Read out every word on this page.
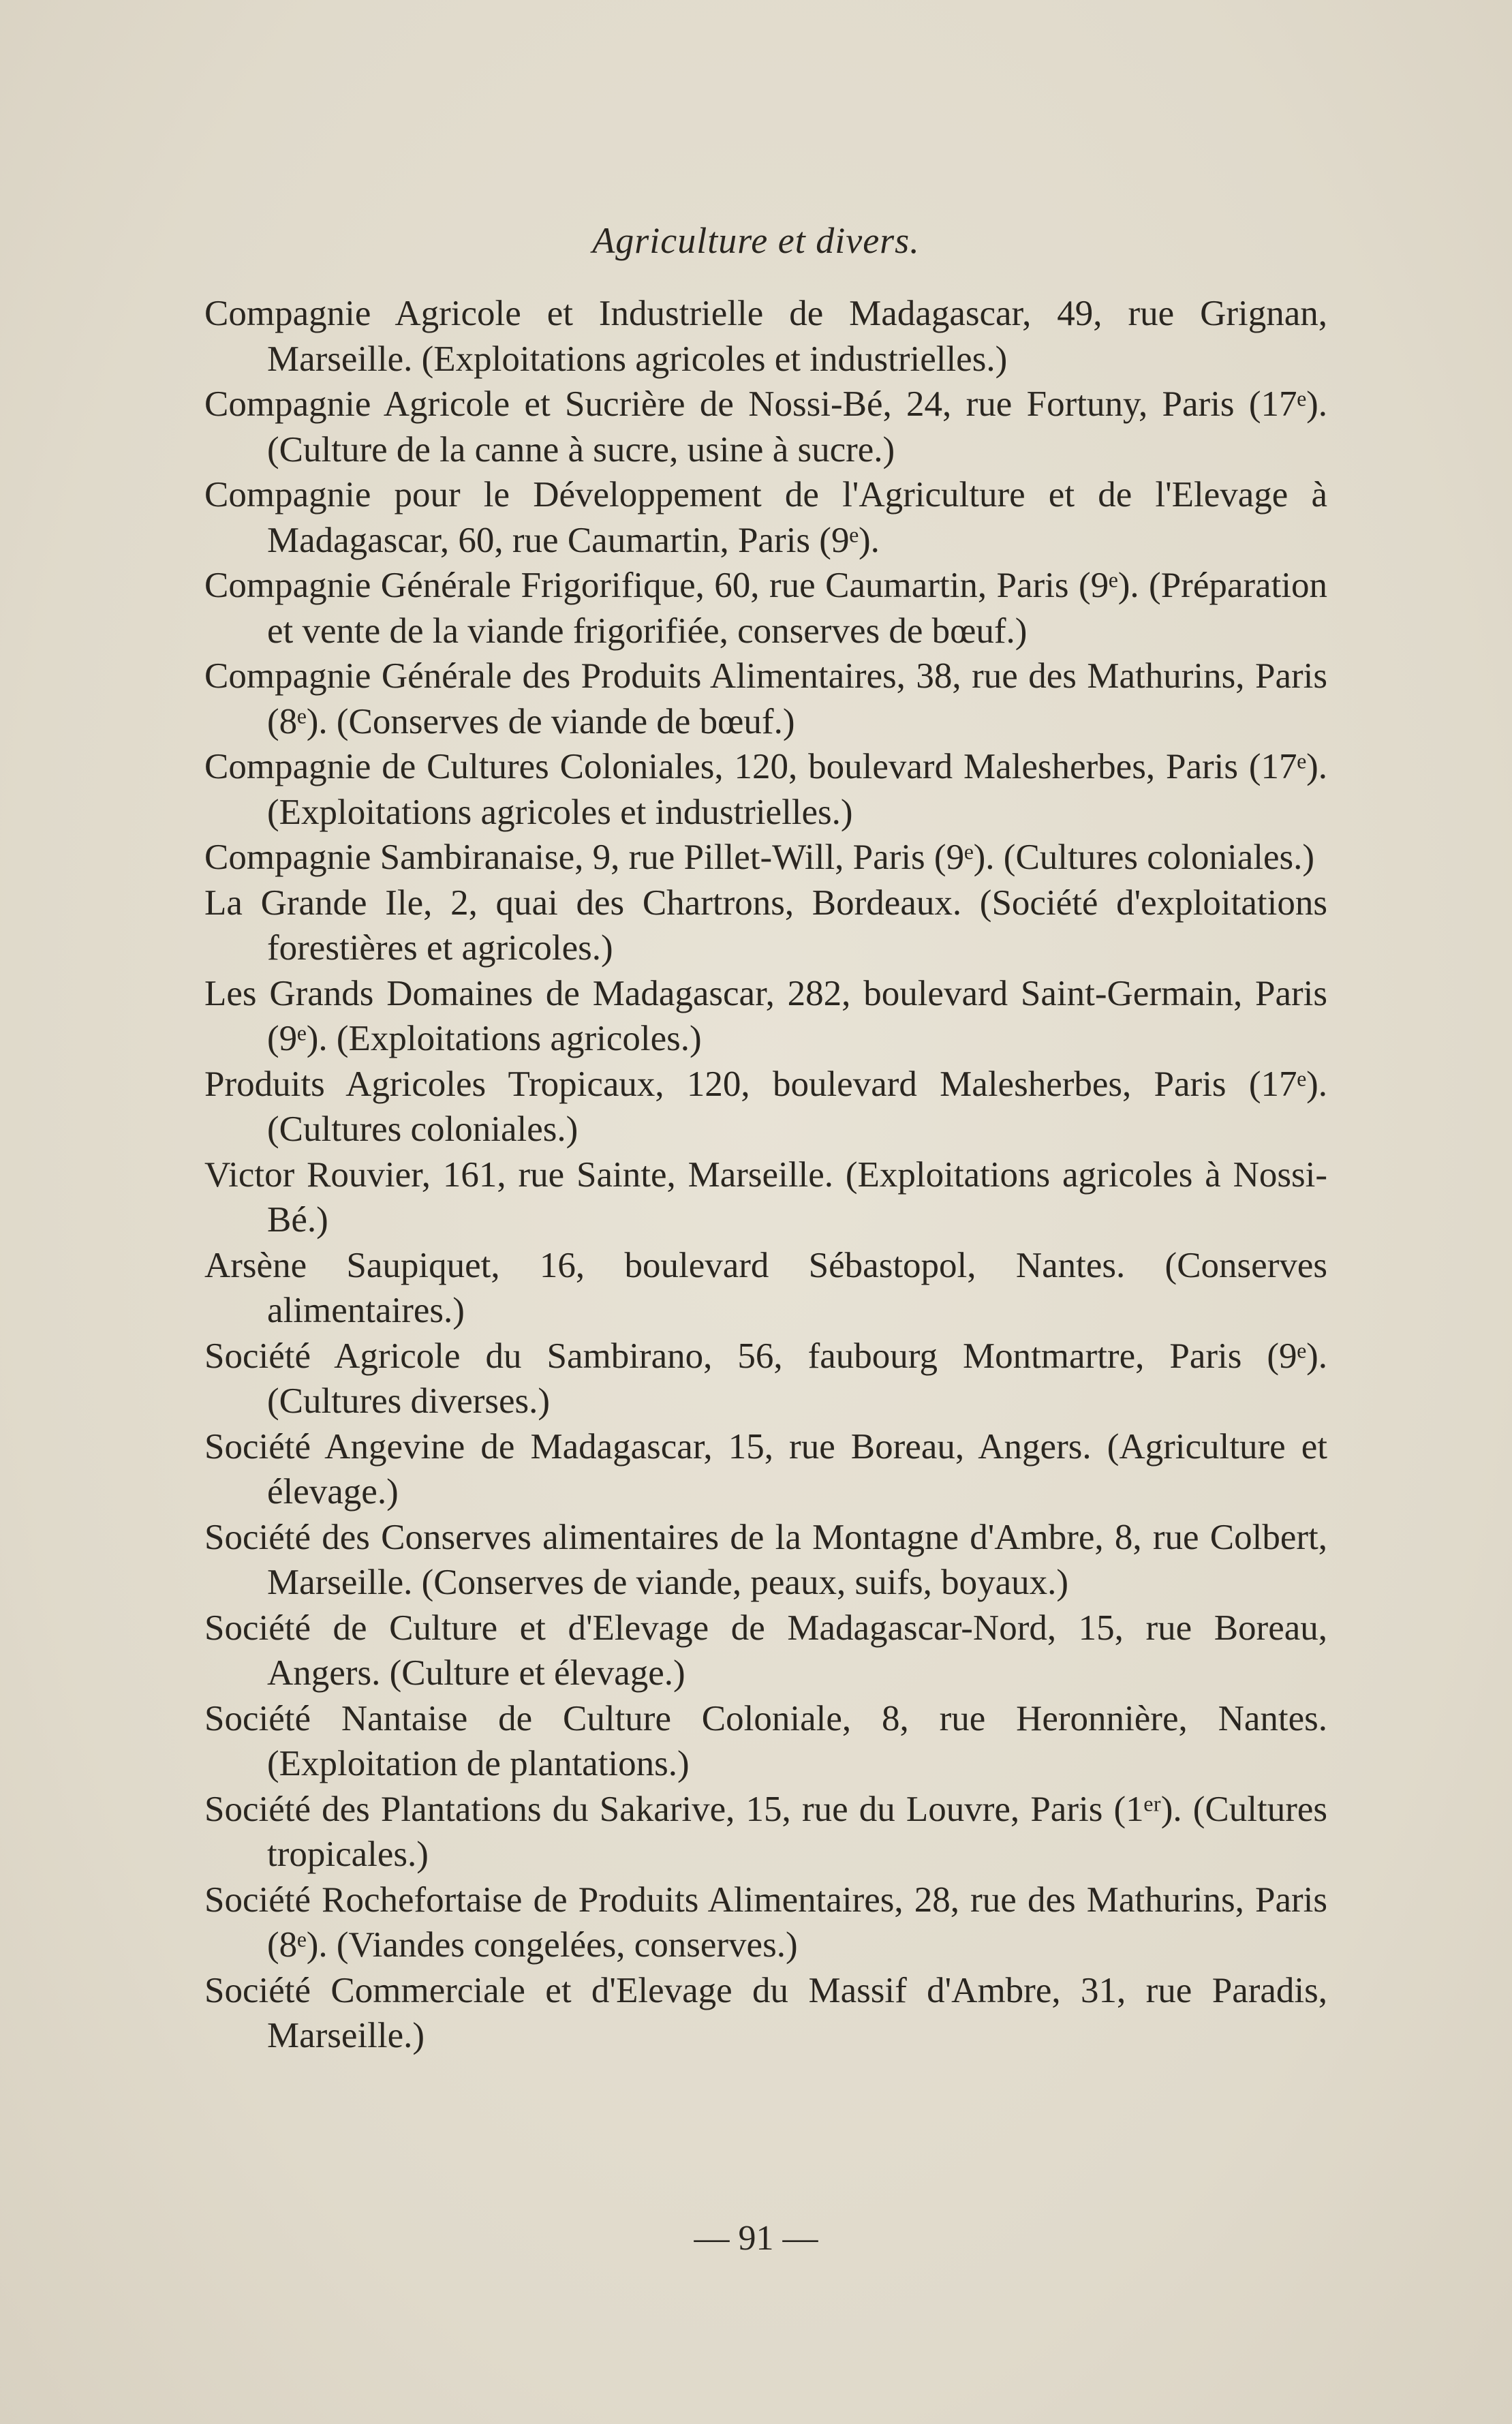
Agriculture et divers.
Compagnie Agricole et Industrielle de Madagascar, 49, rue Grignan, Marseille. (Exploitations agricoles et industrielles.)
Compagnie Agricole et Sucrière de Nossi-Bé, 24, rue Fortuny, Paris (17ᵉ). (Culture de la canne à sucre, usine à sucre.)
Compagnie pour le Développement de l'Agriculture et de l'Elevage à Madagascar, 60, rue Caumartin, Paris (9ᵉ).
Compagnie Générale Frigorifique, 60, rue Caumartin, Paris (9ᵉ). (Préparation et vente de la viande frigorifiée, conserves de bœuf.)
Compagnie Générale des Produits Alimentaires, 38, rue des Mathurins, Paris (8ᵉ). (Conserves de viande de bœuf.)
Compagnie de Cultures Coloniales, 120, boulevard Malesherbes, Paris (17ᵉ). (Exploitations agricoles et industrielles.)
Compagnie Sambiranaise, 9, rue Pillet-Will, Paris (9ᵉ). (Cultures coloniales.)
La Grande Ile, 2, quai des Chartrons, Bordeaux. (Société d'exploitations forestières et agricoles.)
Les Grands Domaines de Madagascar, 282, boulevard Saint-Germain, Paris (9ᵉ). (Exploitations agricoles.)
Produits Agricoles Tropicaux, 120, boulevard Malesherbes, Paris (17ᵉ). (Cultures coloniales.)
Victor Rouvier, 161, rue Sainte, Marseille. (Exploitations agricoles à Nossi-Bé.)
Arsène Saupiquet, 16, boulevard Sébastopol, Nantes. (Conserves alimentaires.)
Société Agricole du Sambirano, 56, faubourg Montmartre, Paris (9ᵉ). (Cultures diverses.)
Société Angevine de Madagascar, 15, rue Boreau, Angers. (Agriculture et élevage.)
Société des Conserves alimentaires de la Montagne d'Ambre, 8, rue Colbert, Marseille. (Conserves de viande, peaux, suifs, boyaux.)
Société de Culture et d'Elevage de Madagascar-Nord, 15, rue Boreau, Angers. (Culture et élevage.)
Société Nantaise de Culture Coloniale, 8, rue Heronnière, Nantes. (Exploitation de plantations.)
Société des Plantations du Sakarive, 15, rue du Louvre, Paris (1ᵉʳ). (Cultures tropicales.)
Société Rochefortaise de Produits Alimentaires, 28, rue des Mathurins, Paris (8ᵉ). (Viandes congelées, conserves.)
Société Commerciale et d'Elevage du Massif d'Ambre, 31, rue Paradis, Marseille.)
— 91 —
